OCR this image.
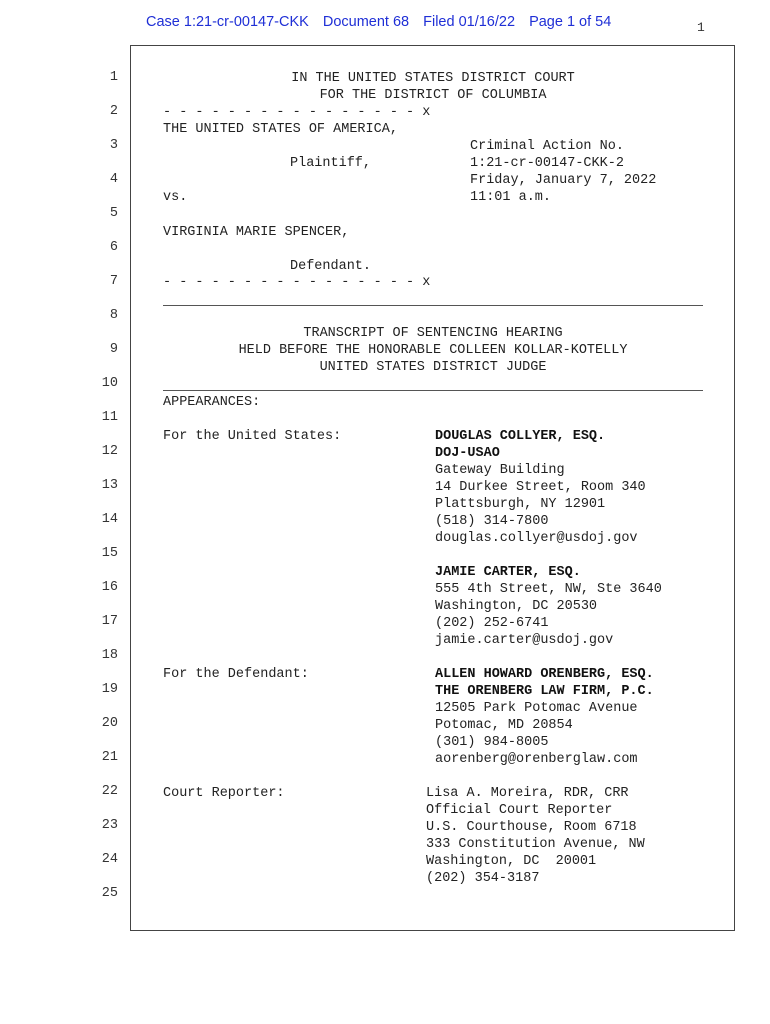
Case 1:21-cr-00147-CKK Document 68 Filed 01/16/22 Page 1 of 54	1
1
2
3
4
5
6
7
8
9
10
11
12
13
14
15
16
17
18
19
20
21
22
23
24
25
IN THE UNITED STATES DISTRICT COURT
FOR THE DISTRICT OF COLUMBIA
- - - - - - - - - - - - - - - - x
THE UNITED STATES OF AMERICA,
Criminal Action No.
Plaintiff,	1:21-cr-00147-CKK-2
Friday, January 7, 2022
vs.	11:01 a.m.
VIRGINIA MARIE SPENCER,
Defendant.
- - - - - - - - - - - - - - - - x
TRANSCRIPT OF SENTENCING HEARING
HELD BEFORE THE HONORABLE COLLEEN KOLLAR-KOTELLY
UNITED STATES DISTRICT JUDGE
APPEARANCES:
For the United States:	DOUGLAS COLLYER, ESQ.
DOJ-USAO
Gateway Building
14 Durkee Street, Room 340
Plattsburgh, NY 12901
(518) 314-7800
douglas.collyer@usdoj.gov
JAMIE CARTER, ESQ.
555 4th Street, NW, Ste 3640
Washington, DC 20530
(202) 252-6741
jamie.carter@usdoj.gov
For the Defendant:	ALLEN HOWARD ORENBERG, ESQ.
THE ORENBERG LAW FIRM, P.C.
12505 Park Potomac Avenue
Potomac, MD 20854
(301) 984-8005
aorenberg@orenberglaw.com
Court Reporter:	Lisa A. Moreira, RDR, CRR
Official Court Reporter
U.S. Courthouse, Room 6718
333 Constitution Avenue, NW
Washington, DC  20001
(202) 354-3187
